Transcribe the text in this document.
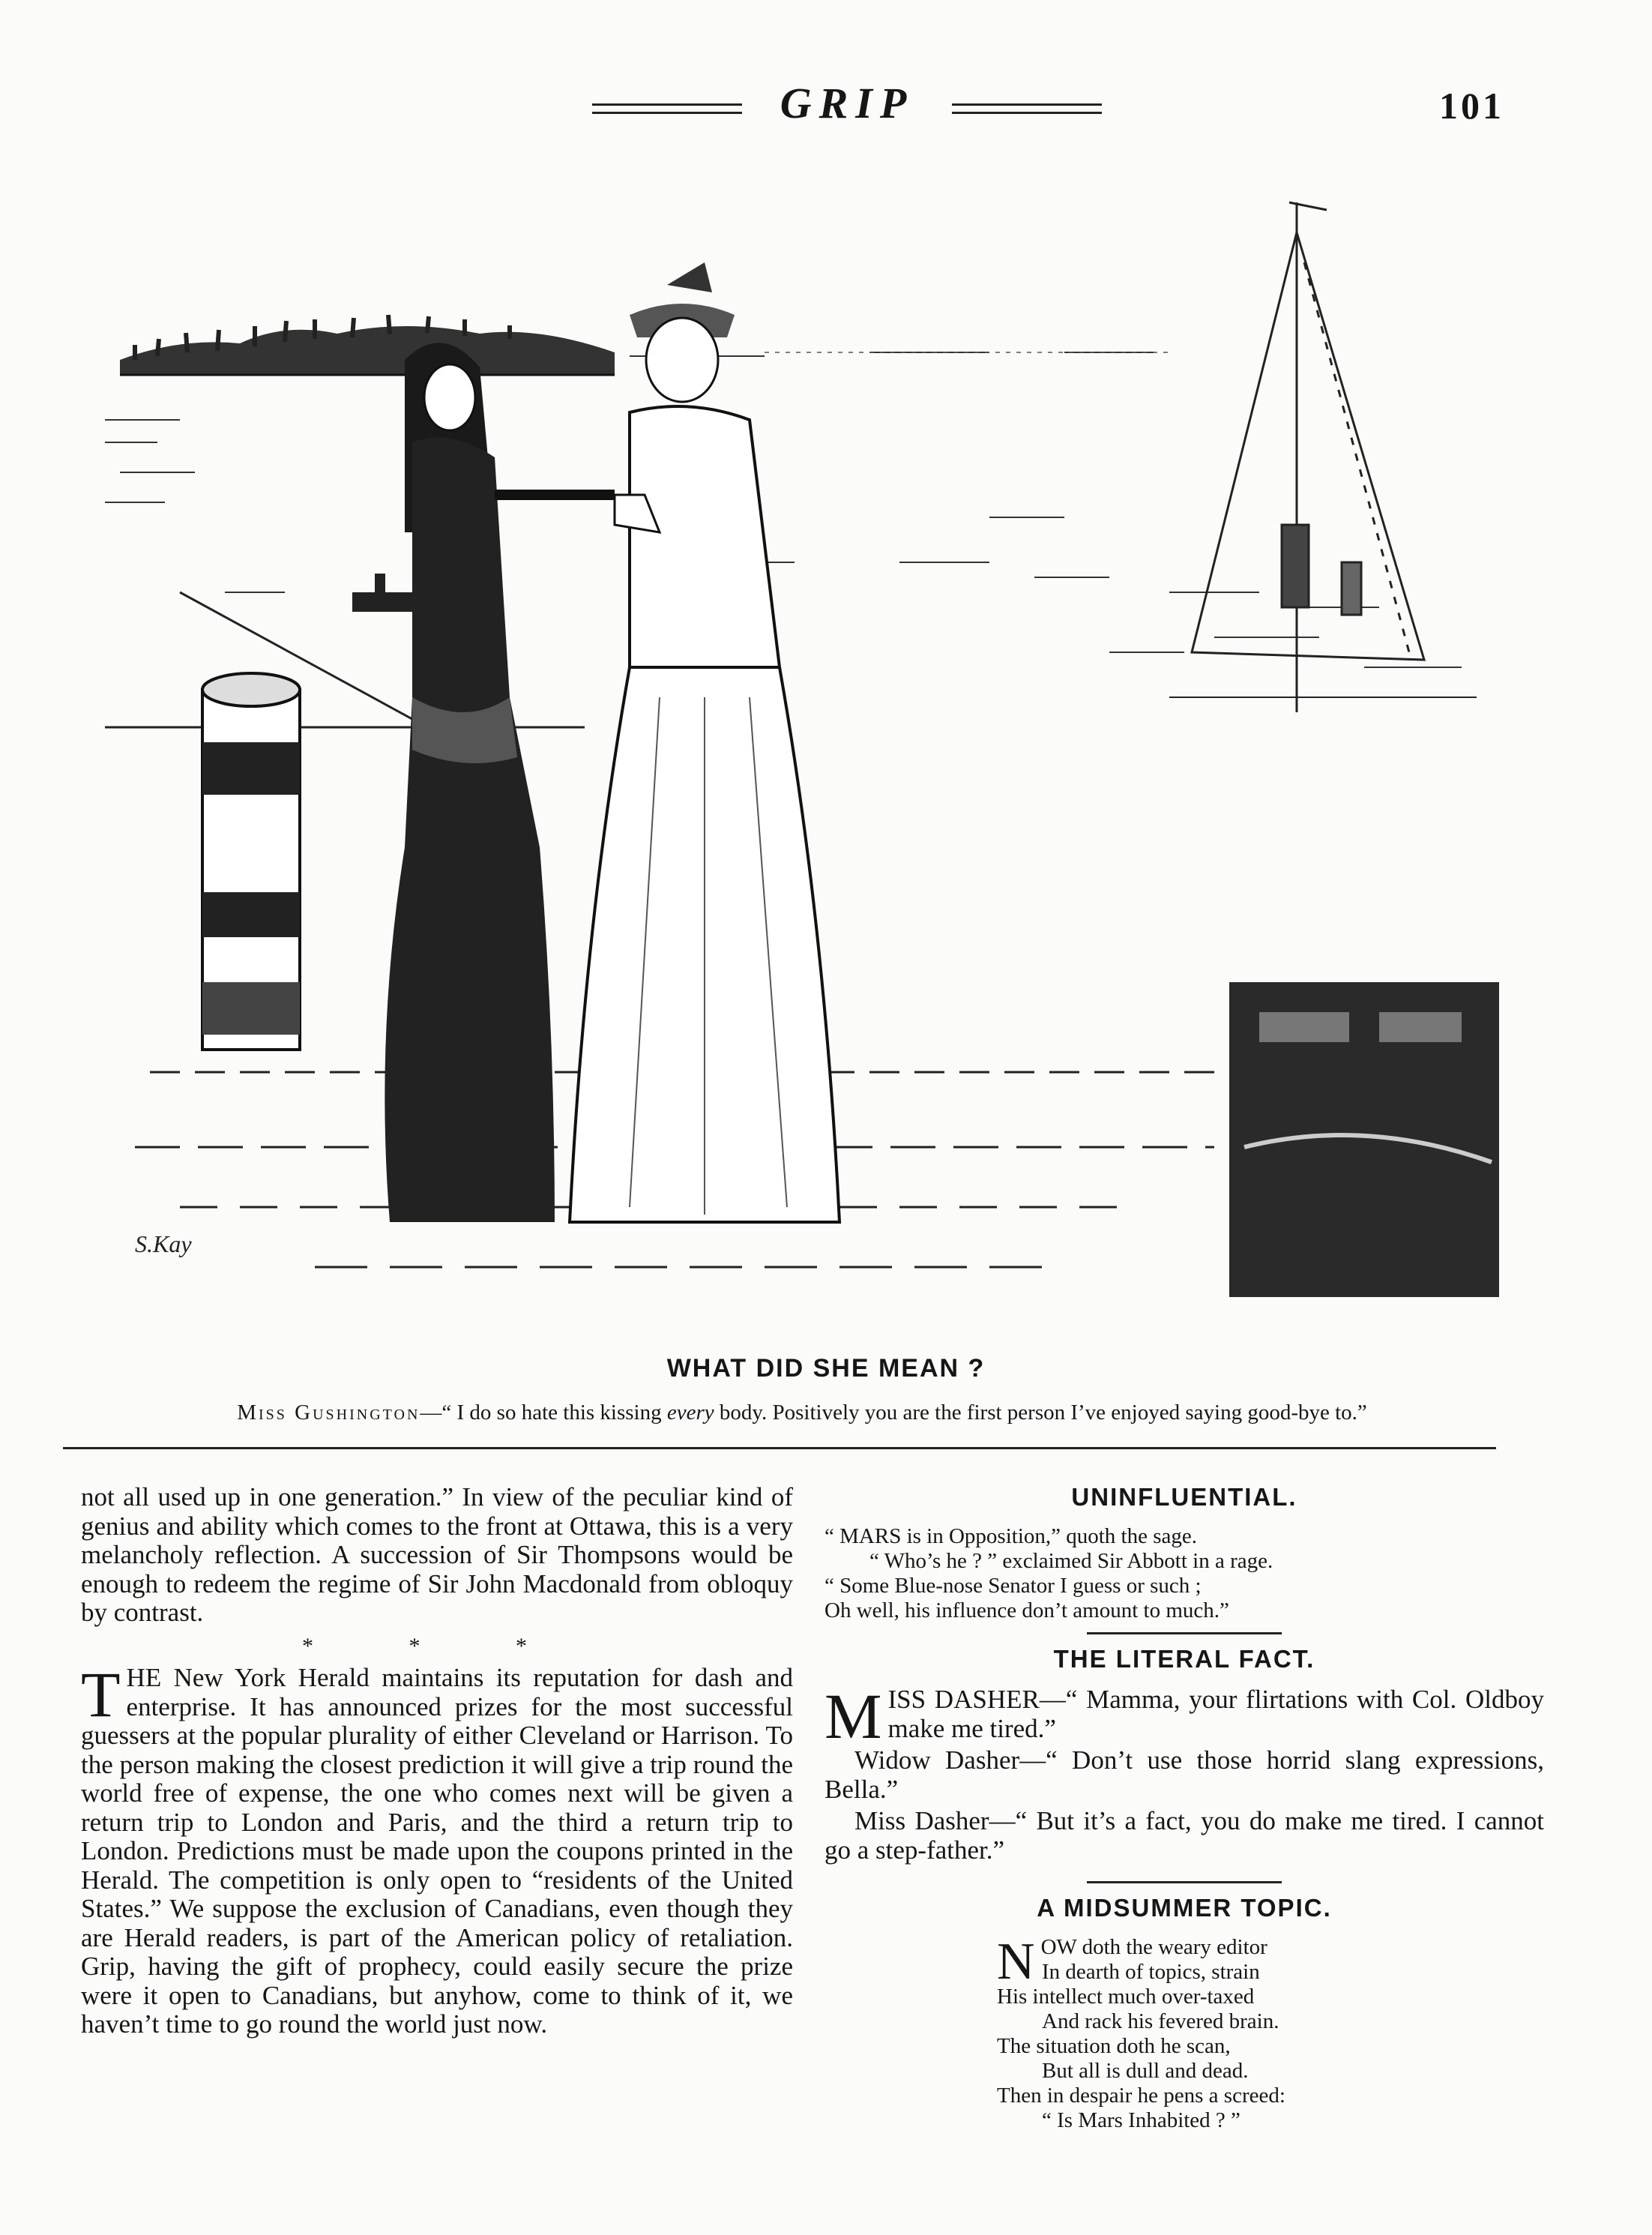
GRIP	101
S.Kay
WHAT DID SHE MEAN ?
Miss Gushington—“ I do so hate this kissing every body. Positively you are the first person I’ve enjoyed saying good-bye to.”

not all used up in one generation.” In view of the peculiar kind of genius and ability which comes to the front at Ottawa, this is a very melancholy reflection. A succession of Sir Thompsons would be enough to redeem the regime of Sir John Macdonald from obloquy by contrast.

* * *

THE New York Herald maintains its reputation for dash and enterprise. It has announced prizes for the most successful guessers at the popular plurality of either Cleveland or Harrison. To the person making the closest prediction it will give a trip round the world free of expense, the one who comes next will be given a return trip to London and Paris, and the third a return trip to London. Predictions must be made upon the coupons printed in the Herald. The competition is only open to “residents of the United States.” We suppose the exclusion of Canadians, even though they are Herald readers, is part of the American policy of retaliation. Grip, having the gift of prophecy, could easily secure the prize were it open to Canadians, but anyhow, come to think of it, we haven’t time to go round the world just now.

UNINFLUENTIAL.
“ MARS is in Opposition,” quoth the sage.
“ Who’s he ? ” exclaimed Sir Abbott in a rage.
“ Some Blue-nose Senator I guess or such ;
Oh well, his influence don’t amount to much.”
THE LITERAL FACT.

MISS DASHER—“ Mamma, your flirtations with Col. Oldboy make me tired.”

Widow Dasher—“ Don’t use those horrid slang expressions, Bella.”

Miss Dasher—“ But it’s a fact, you do make me tired. I cannot go a step-father.”

A MIDSUMMER TOPIC.
N OW doth the weary editor
In dearth of topics, strain
His intellect much over-taxed
And rack his fevered brain.
The situation doth he scan,
But all is dull and dead.
Then in despair he pens a screed:
“ Is Mars Inhabited ? ”
